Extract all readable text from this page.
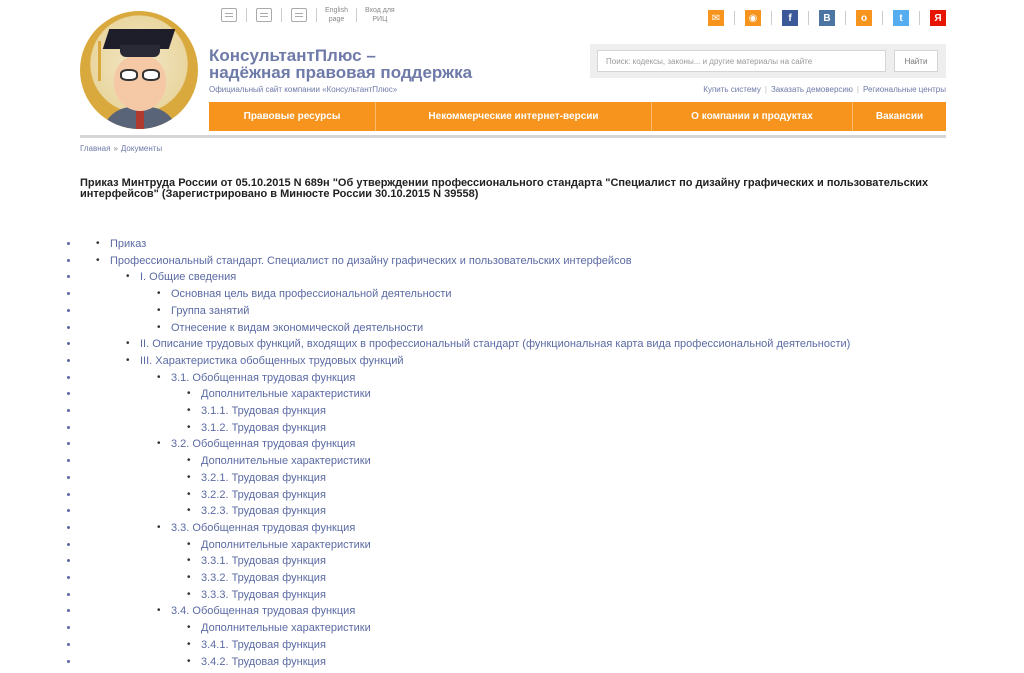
English
page
Вход для
РИЦ	✉	◉	f	В	о	t	Я
КонсультантПлюс –
надёжная правовая поддержка
Официальный сайт компании «КонсультантПлюс»
Поиск: кодексы, законы... и другие материалы на сайте
Найти
Купить систему | Заказать демоверсию | Региональные центры
Правовые ресурсы	Некоммерческие интернет-версии	О компании и продуктах	Вакансии
Главная » Документы
Приказ Минтруда России от 05.10.2015 N 689н "Об утверждении профессионального стандарта "Специалист по дизайну графических и пользовательских интерфейсов" (Зарегистрировано в Минюсте России 30.10.2015 N 39558)
• • Приказ
• • Профессиональный стандарт. Специалист по дизайну графических и пользовательских интерфейсов
• • I. Общие сведения
• • Основная цель вида профессиональной деятельности
• • Группа занятий
• • Отнесение к видам экономической деятельности
• • II. Описание трудовых функций, входящих в профессиональный стандарт (функциональная карта вида профессиональной деятельности)
• • III. Характеристика обобщенных трудовых функций
• • 3.1. Обобщенная трудовая функция
• • Дополнительные характеристики
• • 3.1.1. Трудовая функция
• • 3.1.2. Трудовая функция
• • 3.2. Обобщенная трудовая функция
• • Дополнительные характеристики
• • 3.2.1. Трудовая функция
• • 3.2.2. Трудовая функция
• • 3.2.3. Трудовая функция
• • 3.3. Обобщенная трудовая функция
• • Дополнительные характеристики
• • 3.3.1. Трудовая функция
• • 3.3.2. Трудовая функция
• • 3.3.3. Трудовая функция
• • 3.4. Обобщенная трудовая функция
• • Дополнительные характеристики
• • 3.4.1. Трудовая функция
• • 3.4.2. Трудовая функция
